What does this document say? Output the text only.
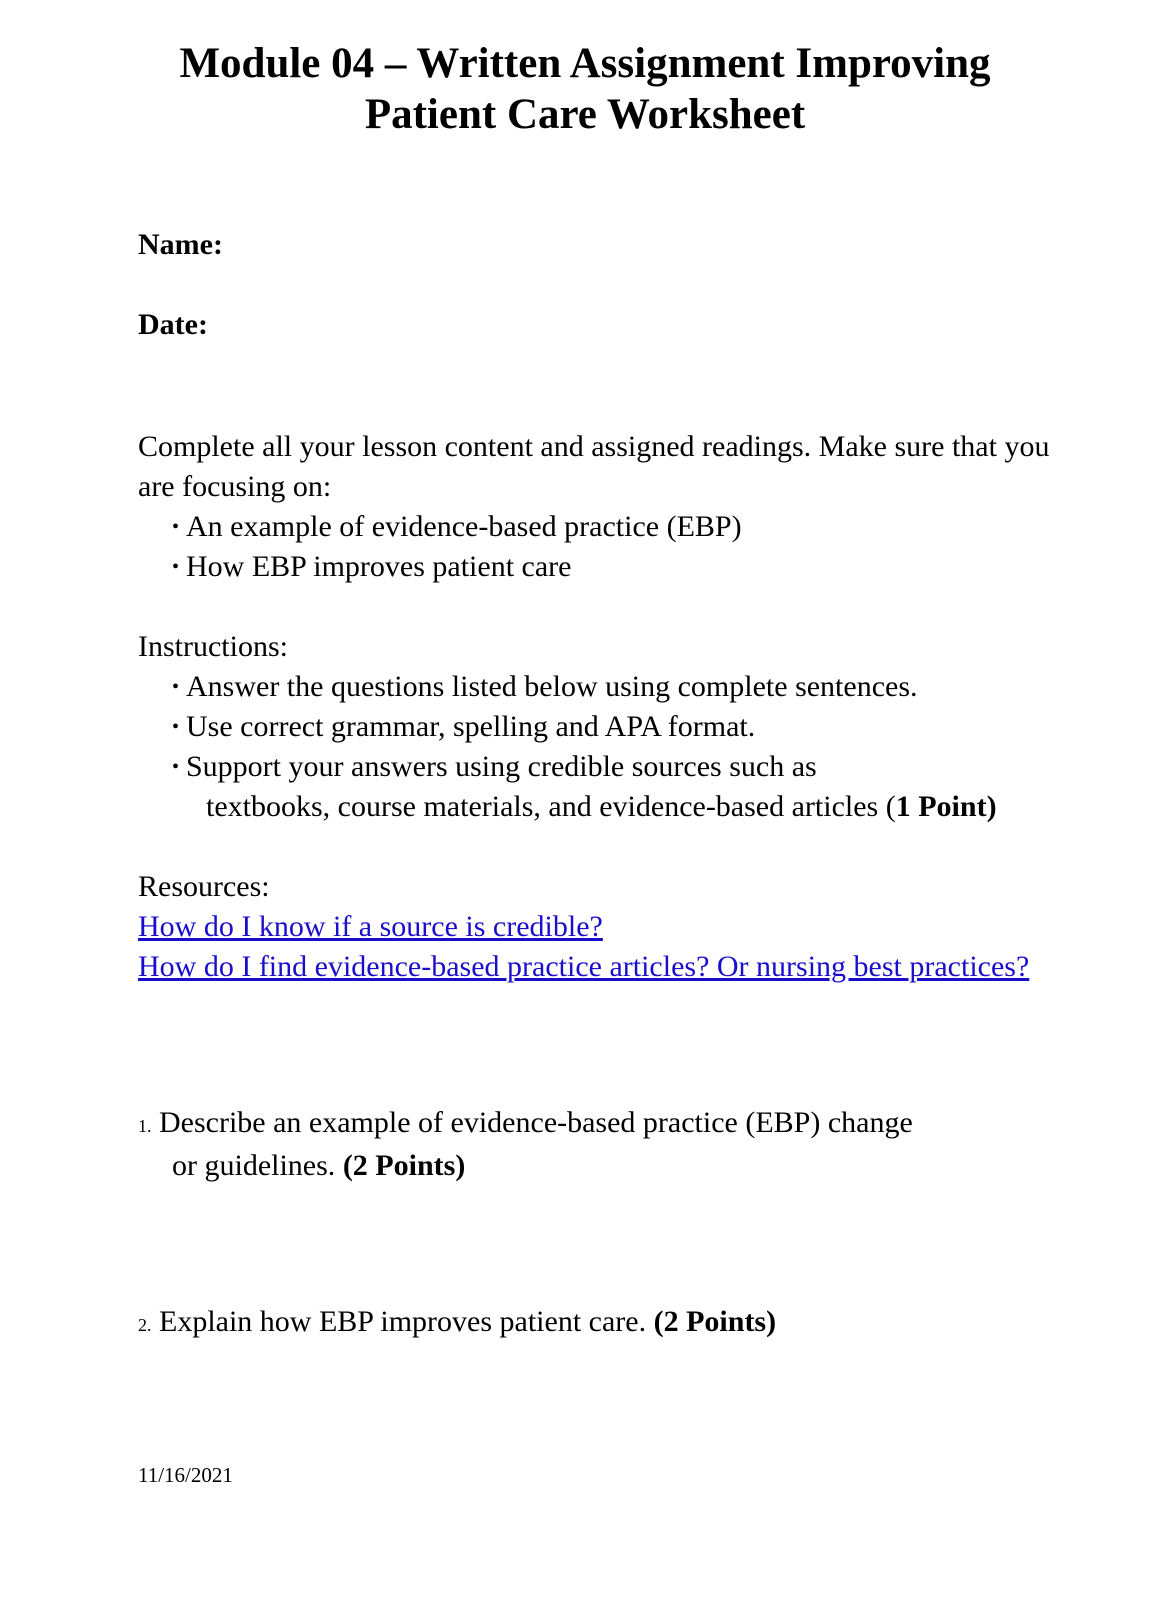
Module 04 – Written Assignment Improving
Patient Care Worksheet

Name:

Date:

Complete all your lesson content and assigned readings. Make sure that you are focusing on:

• An example of evidence-based practice (EBP)
• How EBP improves patient care

Instructions:

• Answer the questions listed below using complete sentences.
• Use correct grammar, spelling and APA format.
• Support your answers using credible sources such as
textbooks, course materials, and evidence-based articles (1 Point)

Resources:

How do I know if a source is credible?
How do I find evidence-based practice articles? Or nursing best practices?
1. Describe an example of evidence-based practice (EBP) change
or guidelines. (2 Points)
2. Explain how EBP improves patient care. (2 Points)
11/16/2021
